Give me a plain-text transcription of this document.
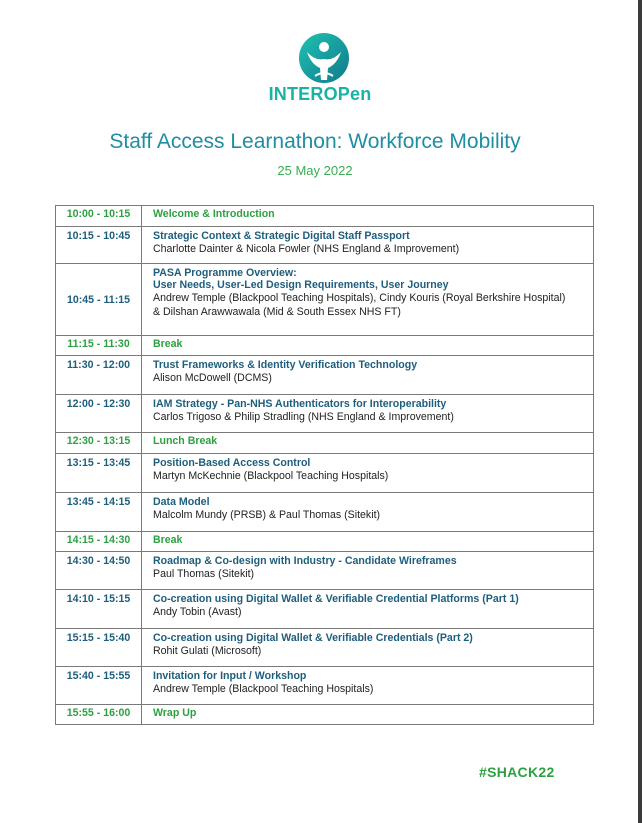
INTEROPen
Staff Access Learnathon: Workforce Mobility
25 May 2022
10:00 - 10:15	Welcome & Introduction

10:15 - 10:45	Strategic Context & Strategic Digital Staff Passport
Charlotte Dainter & Nicola Fowler (NHS England & Improvement)

10:45 - 11:15	PASA Programme Overview:
User Needs, User-Led Design Requirements, User Journey
Andrew Temple (Blackpool Teaching Hospitals), Cindy Kouris (Royal Berkshire Hospital)
& Dilshan Arawwawala (Mid & South Essex NHS FT)

11:15 - 11:30	Break

11:30 - 12:00	Trust Frameworks & Identity Verification Technology
Alison McDowell (DCMS)

12:00 - 12:30	IAM Strategy - Pan-NHS Authenticators for Interoperability
Carlos Trigoso & Philip Stradling (NHS England & Improvement)

12:30 - 13:15	Lunch Break

13:15 - 13:45	Position-Based Access Control
Martyn McKechnie (Blackpool Teaching Hospitals)

13:45 - 14:15	Data Model
Malcolm Mundy (PRSB) & Paul Thomas (Sitekit)

14:15 - 14:30	Break

14:30 - 14:50	Roadmap & Co-design with Industry - Candidate Wireframes
Paul Thomas (Sitekit)

14:10 - 15:15	Co-creation using Digital Wallet & Verifiable Credential Platforms (Part 1)
Andy Tobin (Avast)

15:15 - 15:40	Co-creation using Digital Wallet & Verifiable Credentials (Part 2)
Rohit Gulati (Microsoft)

15:40 - 15:55	Invitation for Input / Workshop
Andrew Temple (Blackpool Teaching Hospitals)

15:55 - 16:00	Wrap Up
#SHACK22
